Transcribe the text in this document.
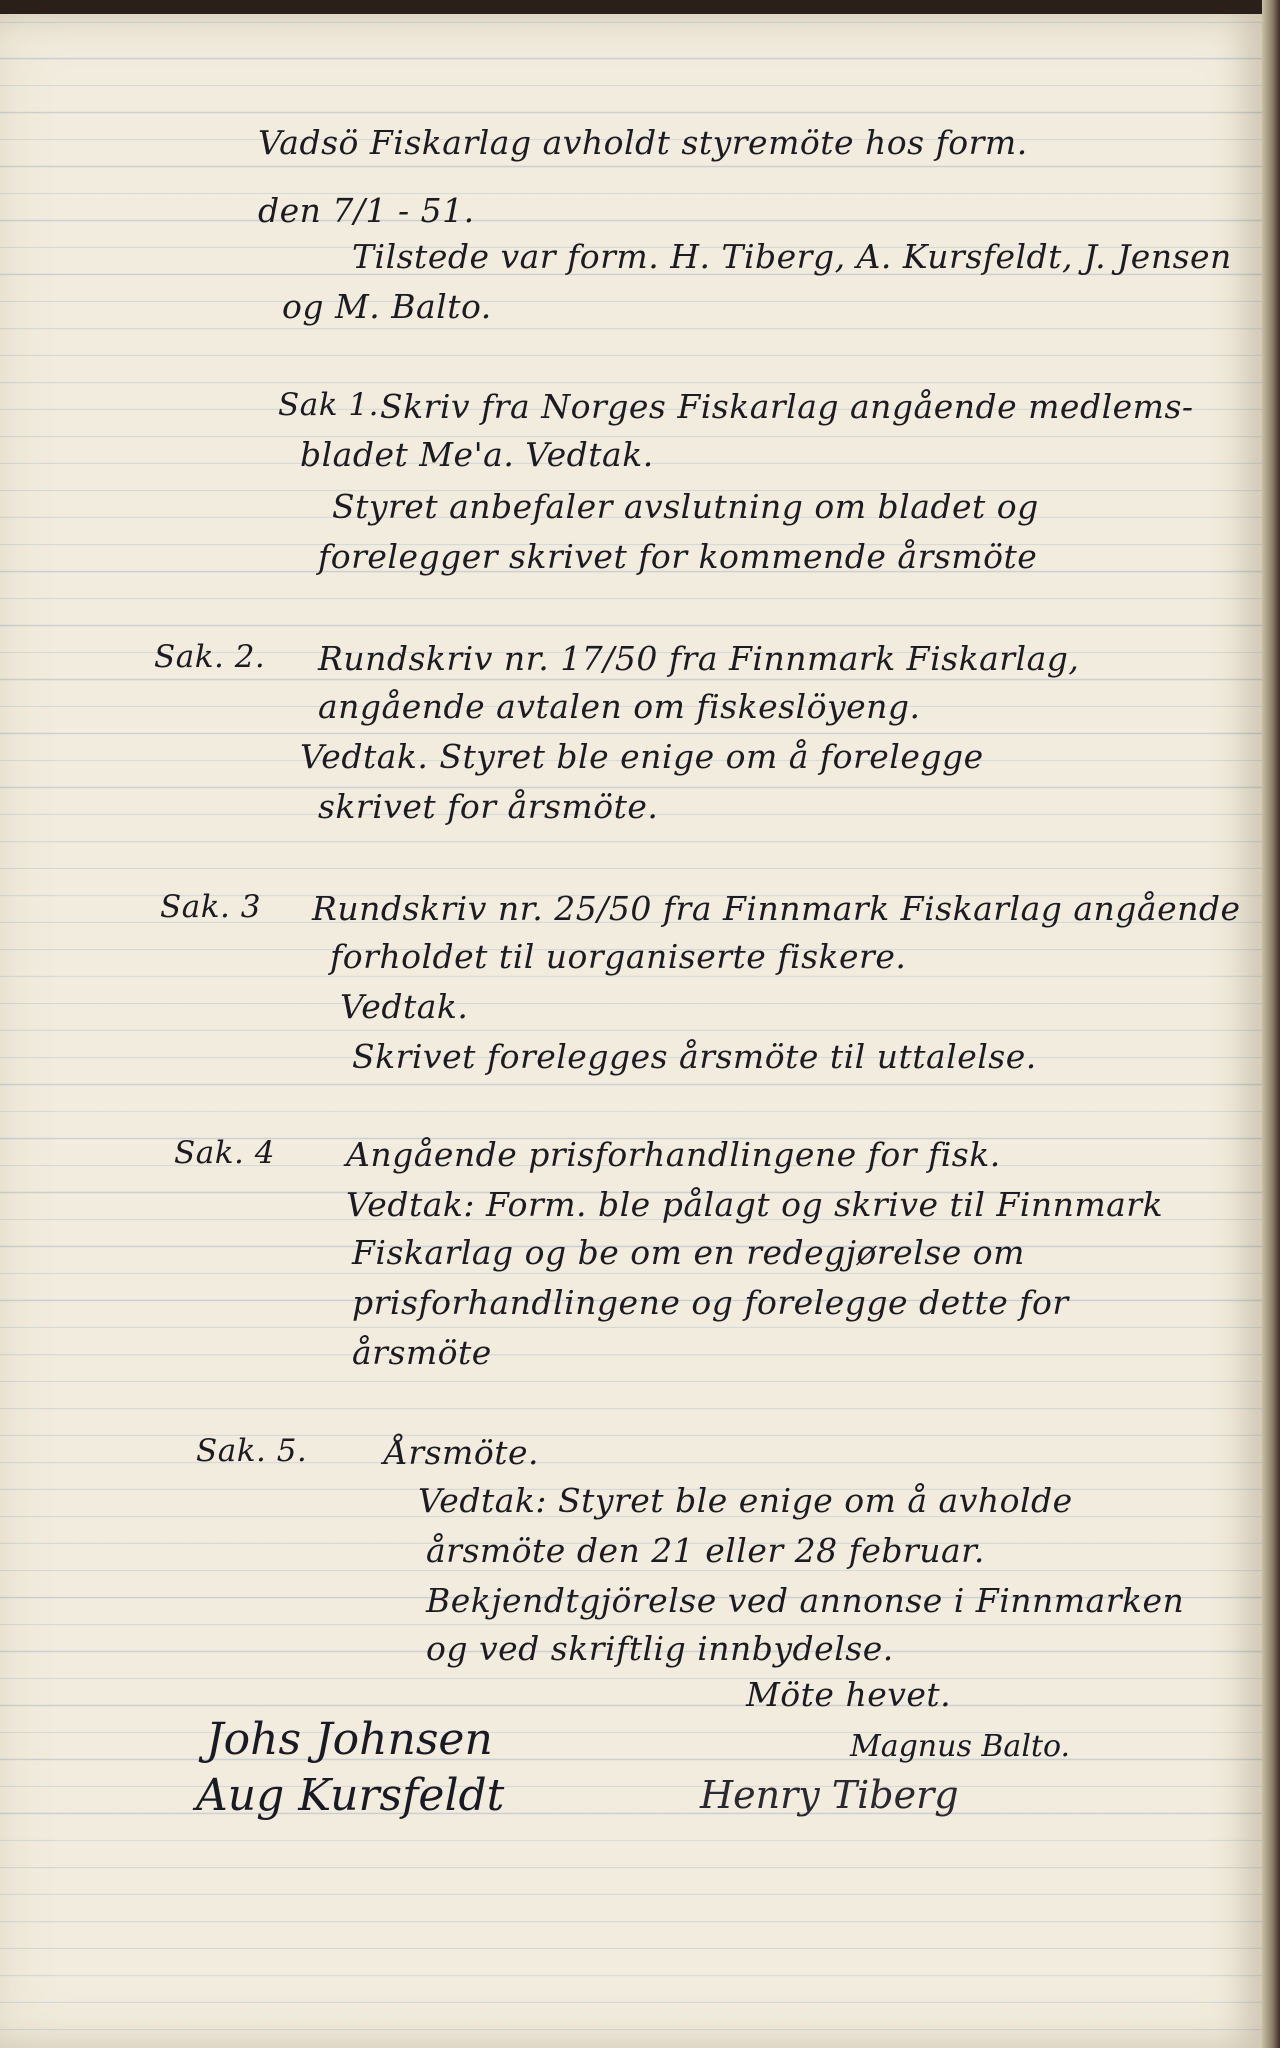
Vadsö Fiskarlag avholdt styremöte hos form.
den 7/1 - 51.
Tilstede var form. H. Tiberg, A. Kursfeldt, J. Jensen
og M. Balto.
Sak 1. Skriv fra Norges Fiskarlag angående medlems-
bladet Me'a. Vedtak.
Styret anbefaler avslutning om bladet og
forelegger skrivet for kommende årsmöte
Sak. 2. Rundskriv nr. 17/50 fra Finnmark Fiskarlag,
angående avtalen om fiskeslöyeng.
Vedtak. Styret ble enige om å forelegge
skrivet for årsmöte.
Sak. 3 Rundskriv nr. 25/50 fra Finnmark Fiskarlag angående
forholdet til uorganiserte fiskere.
Vedtak.
Skrivet forelegges årsmöte til uttalelse.
Sak. 4 Angående prisforhandlingene for fisk.
Vedtak: Form. ble pålagt og skrive til Finnmark
Fiskarlag og be om en redegjørelse om
prisforhandlingene og forelegge dette for
årsmöte
Sak. 5. Årsmöte.
Vedtak: Styret ble enige om å avholde
årsmöte den 21 eller 28 februar.
Bekjendtgjörelse ved annonse i Finnmarken
og ved skriftlig innbydelse.
Möte hevet.
Johs Johnsen
Aug Kursfeldt
Magnus Balto.
Henry Tiberg
